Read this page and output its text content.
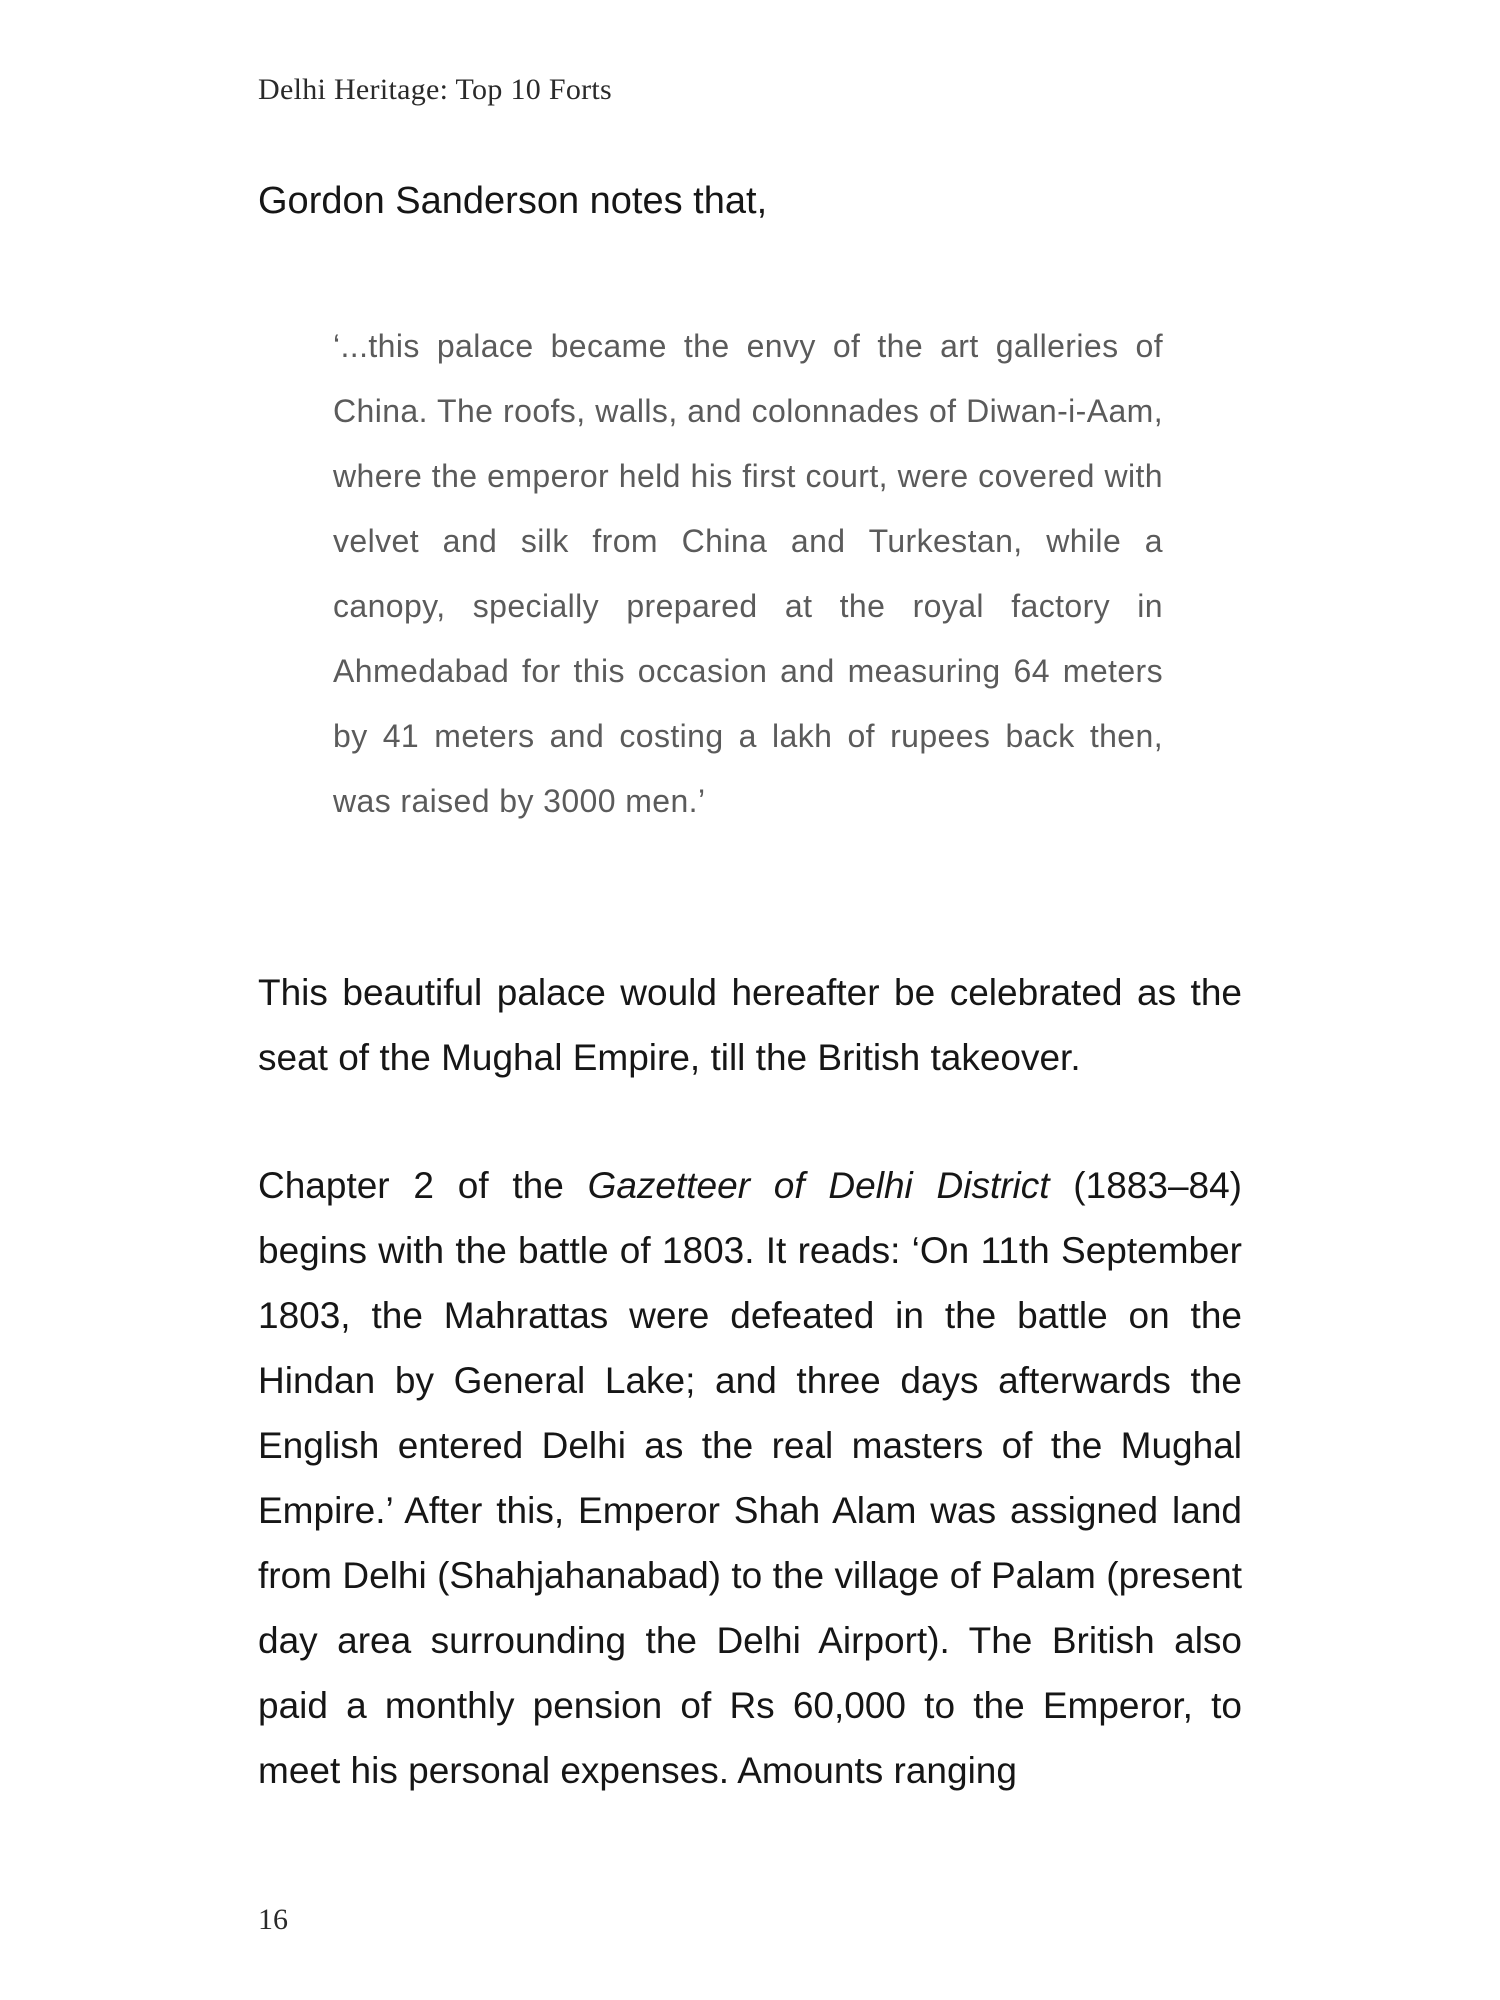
Delhi Heritage: Top 10 Forts
Gordon Sanderson notes that,
‘...this palace became the envy of the art galleries of China. The roofs, walls, and colonnades of Diwan-i-Aam, where the emperor held his first court, were covered with velvet and silk from China and Turkestan, while a canopy, specially prepared at the royal factory in Ahmedabad for this occasion and measuring 64 meters by 41 meters and costing a lakh of rupees back then, was raised by 3000 men.’
This beautiful palace would hereafter be celebrated as the seat of the Mughal Empire, till the British takeover.
Chapter 2 of the Gazetteer of Delhi District (1883–84) begins with the battle of 1803. It reads: ‘On 11th September 1803, the Mahrattas were defeated in the battle on the Hindan by General Lake; and three days afterwards the English entered Delhi as the real masters of the Mughal Empire.’ After this, Emperor Shah Alam was assigned land from Delhi (Shahjahanabad) to the village of Palam (present day area surrounding the Delhi Airport). The British also paid a monthly pension of Rs 60,000 to the Emperor, to meet his personal expenses. Amounts ranging
16
